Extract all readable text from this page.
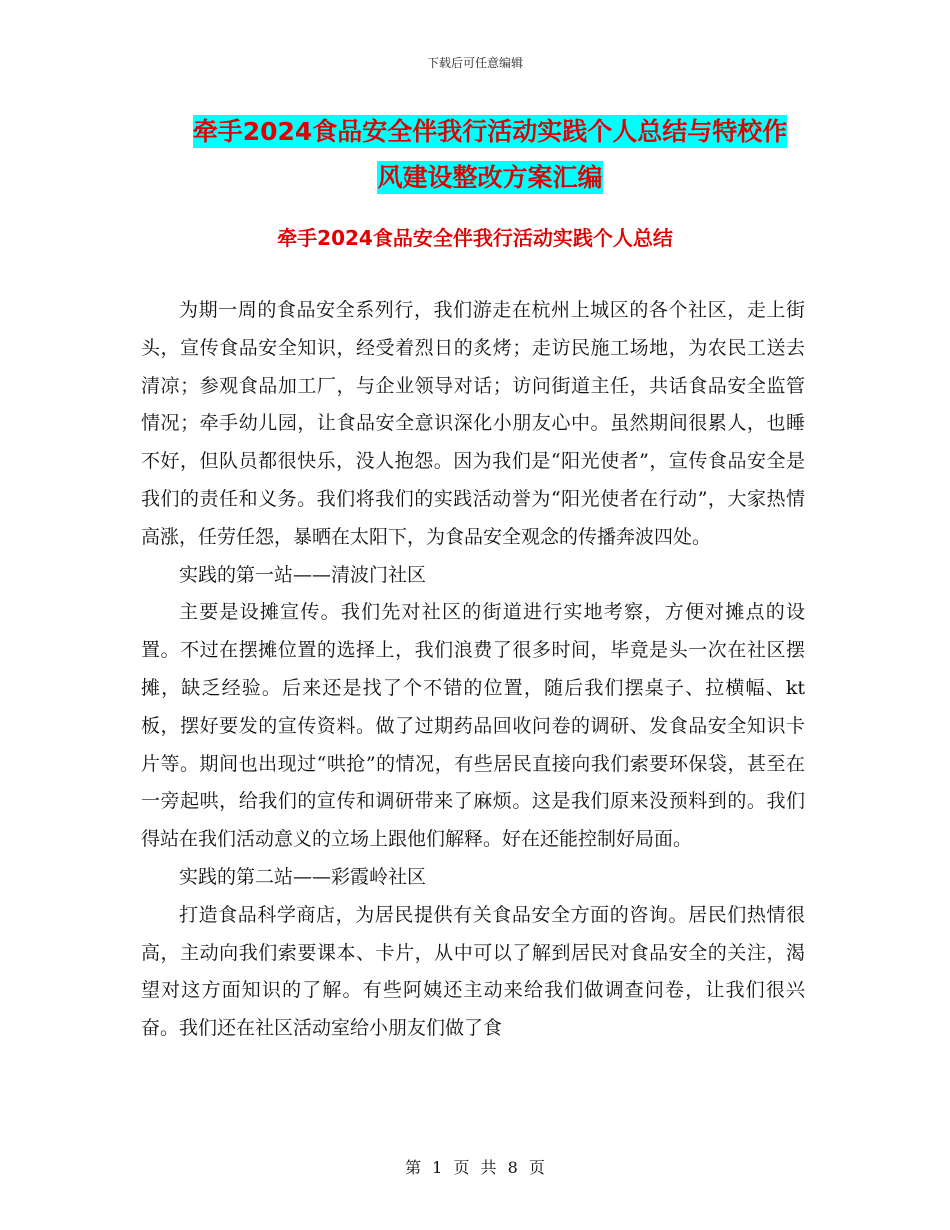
下载后可任意编辑
牵手2024食品安全伴我行活动实践个人总结与特校作
风建设整改方案汇编
牵手2024食品安全伴我行活动实践个人总结

为期一周的食品安全系列行，我们游走在杭州上城区的各个社区，走上街头，宣传食品安全知识，经受着烈日的炙烤；走访民施工场地，为农民工送去清凉；参观食品加工厂，与企业领导对话；访问街道主任，共话食品安全监管情况；牵手幼儿园，让食品安全意识深化小朋友心中。虽然期间很累人，也睡不好，但队员都很快乐，没人抱怨。因为我们是“阳光使者”，宣传食品安全是我们的责任和义务。我们将我们的实践活动誉为“阳光使者在行动”，大家热情高涨，任劳任怨，暴晒在太阳下，为食品安全观念的传播奔波四处。

实践的第一站——清波门社区

主要是设摊宣传。我们先对社区的街道进行实地考察，方便对摊点的设置。不过在摆摊位置的选择上，我们浪费了很多时间，毕竟是头一次在社区摆摊，缺乏经验。后来还是找了个不错的位置，随后我们摆桌子、拉横幅、kt板，摆好要发的宣传资料。做了过期药品回收问卷的调研、发食品安全知识卡片等。期间也出现过“哄抢”的情况，有些居民直接向我们索要环保袋，甚至在一旁起哄，给我们的宣传和调研带来了麻烦。这是我们原来没预料到的。我们得站在我们活动意义的立场上跟他们解释。好在还能控制好局面。

实践的第二站——彩霞岭社区

打造食品科学商店，为居民提供有关食品安全方面的咨询。居民们热情很高，主动向我们索要课本、卡片，从中可以了解到居民对食品安全的关注，渴望对这方面知识的了解。有些阿姨还主动来给我们做调查问卷，让我们很兴奋。我们还在社区活动室给小朋友们做了食

第 1 页 共 8 页
